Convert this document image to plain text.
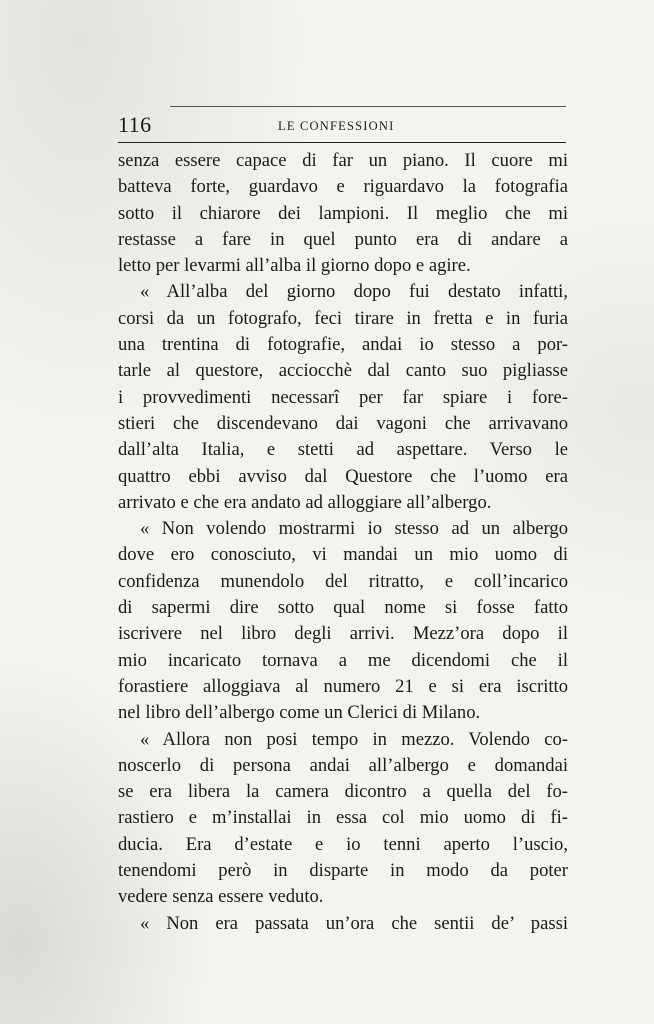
116	LE CONFESSIONI
senza essere capace di far un piano. Il cuore mi
batteva forte, guardavo e riguardavo la fotografia
sotto il chiarore dei lampioni. Il meglio che mi
restasse a fare in quel punto era di andare a
letto per levarmi all’alba il giorno dopo e agire.
« All’alba del giorno dopo fui destato infatti,
corsi da un fotografo, feci tirare in fretta e in furia
una trentina di fotografie, andai io stesso a por-
tarle al questore, acciocchè dal canto suo pigliasse
i provvedimenti necessarî per far spiare i fore-
stieri che discendevano dai vagoni che arrivavano
dall’alta Italia, e stetti ad aspettare. Verso le
quattro ebbi avviso dal Questore che l’uomo era
arrivato e che era andato ad alloggiare all’albergo.
« Non volendo mostrarmi io stesso ad un albergo
dove ero conosciuto, vi mandai un mio uomo di
confidenza munendolo del ritratto, e coll’incarico
di sapermi dire sotto qual nome si fosse fatto
iscrivere nel libro degli arrivi. Mezz’ora dopo il
mio incaricato tornava a me dicendomi che il
forastiere alloggiava al numero 21 e si era iscritto
nel libro dell’albergo come un Clerici di Milano.
« Allora non posi tempo in mezzo. Volendo co-
noscerlo di persona andai all’albergo e domandai
se era libera la camera dicontro a quella del fo-
rastiero e m’installai in essa col mio uomo di fi-
ducia. Era d’estate e io tenni aperto l’uscio,
tenendomi però in disparte in modo da poter
vedere senza essere veduto.
« Non era passata un’ora che sentii de’ passi
